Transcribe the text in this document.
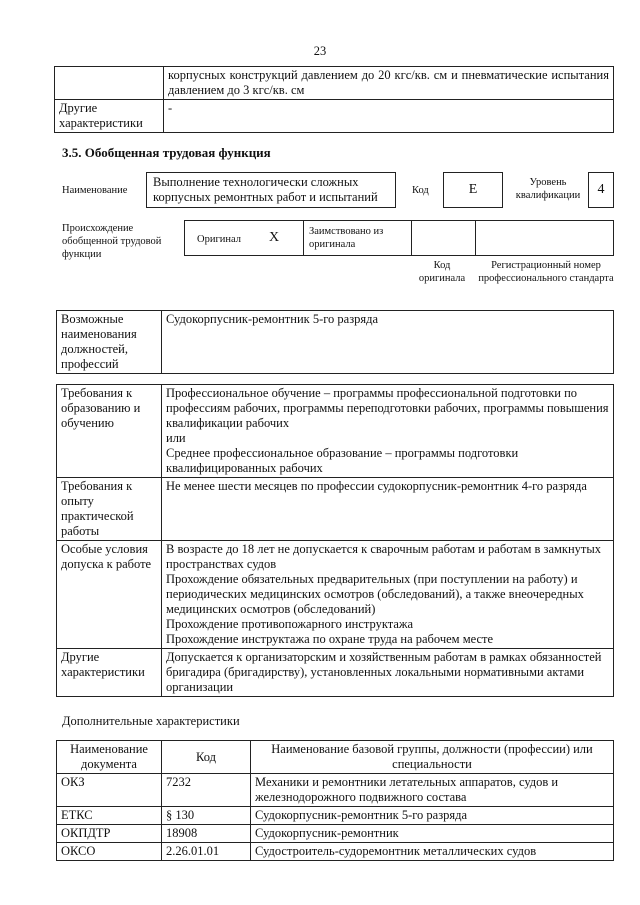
23
	корпусных конструкций давлением до 20 кгс/кв. см и пневматические испытания давлением до 3 кгс/кв. см
Другие характеристики	-
3.5. Обобщенная трудовая функция
Наименование
Выполнение технологически сложных корпусных ремонтных работ и испытаний	Код	E	Уровень квалификации	4
Происхождение обобщенной трудовой функции
Оригинал X	Заимствовано из оригинала
Код оригинала
Регистрационный номер профессионального стандарта
Возможные наименования должностей, профессий	Судокорпусник-ремонтник 5-го разряда
Требования к образованию и обучению	Профессиональное обучение – программы профессиональной подготовки по профессиям рабочих, программы переподготовки рабочих, программы повышения квалификации рабочих
или
Среднее профессиональное образование – программы подготовки квалифицированных рабочих
Требования к опыту практической работы	Не менее шести месяцев по профессии судокорпусник-ремонтник 4-го разряда
Особые условия допуска к работе	В возрасте до 18 лет не допускается к сварочным работам и работам в замкнутых пространствах судов
Прохождение обязательных предварительных (при поступлении на работу) и периодических медицинских осмотров (обследований), а также внеочередных медицинских осмотров (обследований)
Прохождение противопожарного инструктажа
Прохождение инструктажа по охране труда на рабочем месте
Другие характеристики	Допускается к организаторским и хозяйственным работам в рамках обязанностей бригадира (бригадирству), установленных локальными нормативными актами организации
Дополнительные характеристики
Наименование документа	Код	Наименование базовой группы, должности (профессии) или специальности
ОКЗ	7232	Механики и ремонтники летательных аппаратов, судов и железнодорожного подвижного состава
ЕТКС	§ 130	Судокорпусник-ремонтник 5-го разряда
ОКПДТР	18908	Судокорпусник-ремонтник
ОКСО	2.26.01.01	Судостроитель-судоремонтник металлических судов
